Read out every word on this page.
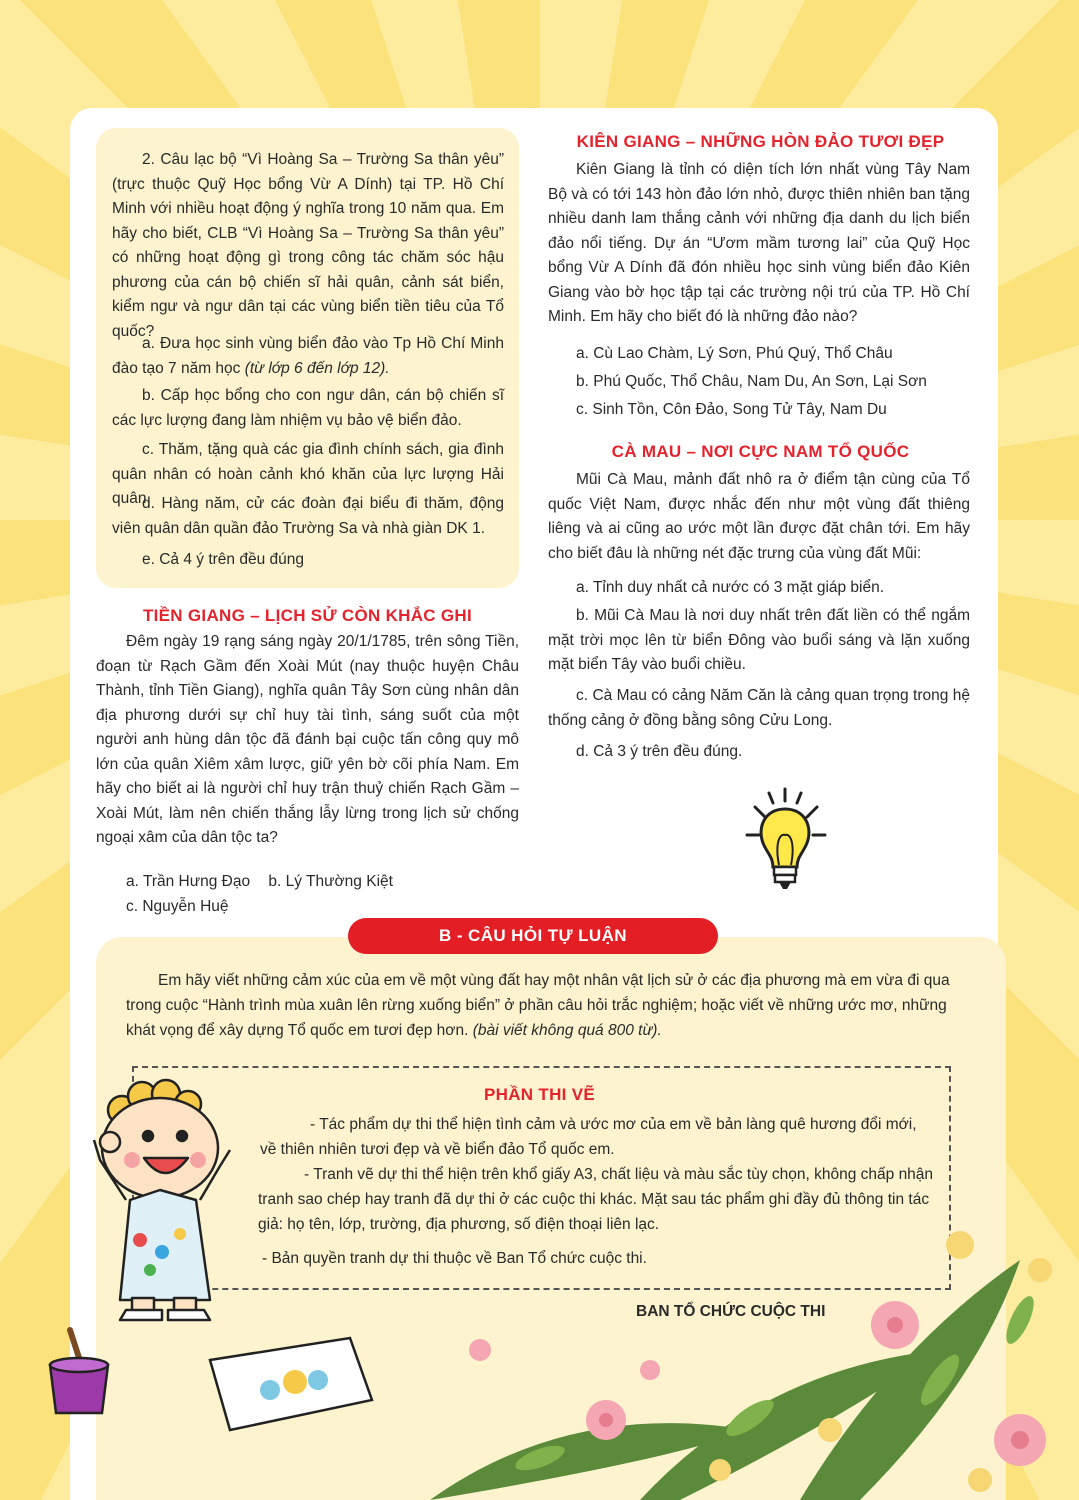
2. Câu lạc bộ “Vì Hoàng Sa – Trường Sa thân yêu” (trực thuộc Quỹ Học bổng Vừ A Dính) tại TP. Hồ Chí Minh với nhiều hoạt động ý nghĩa trong 10 năm qua. Em hãy cho biết, CLB “Vì Hoàng Sa – Trường Sa thân yêu” có những hoạt động gì trong công tác chăm sóc hậu phương của cán bộ chiến sĩ hải quân, cảnh sát biển, kiểm ngư và ngư dân tại các vùng biển tiền tiêu của Tổ quốc?
a. Đưa học sinh vùng biển đảo vào Tp Hồ Chí Minh đào tạo 7 năm học (từ lớp 6 đến lớp 12).
b. Cấp học bổng cho con ngư dân, cán bộ chiến sĩ các lực lượng đang làm nhiệm vụ bảo vệ biển đảo.
c. Thăm, tặng quà các gia đình chính sách, gia đình quân nhân có hoàn cảnh khó khăn của lực lượng Hải quân.
d. Hàng năm, cử các đoàn đại biểu đi thăm, động viên quân dân quần đảo Trường Sa và nhà giàn DK 1.
e. Cả 4 ý trên đều đúng
TIỀN GIANG – LỊCH SỬ CÒN KHẮC GHI
Đêm ngày 19 rạng sáng ngày 20/1/1785, trên sông Tiền, đoạn từ Rạch Gầm đến Xoài Mút (nay thuộc huyện Châu Thành, tỉnh Tiền Giang), nghĩa quân Tây Sơn cùng nhân dân địa phương dưới sự chỉ huy tài tình, sáng suốt của một người anh hùng dân tộc đã đánh bại cuộc tấn công quy mô lớn của quân Xiêm xâm lược, giữ yên bờ cõi phía Nam. Em hãy cho biết ai là người chỉ huy trận thuỷ chiến Rạch Gầm – Xoài Mút, làm nên chiến thắng lẫy lừng trong lịch sử chống ngoại xâm của dân tộc ta?
a. Trần Hưng Đạo b. Lý Thường Kiệt c. Nguyễn Huệ
KIÊN GIANG – NHỮNG HÒN ĐẢO TƯƠI ĐẸP
Kiên Giang là tỉnh có diện tích lớn nhất vùng Tây Nam Bộ và có tới 143 hòn đảo lớn nhỏ, được thiên nhiên ban tặng nhiều danh lam thắng cảnh với những địa danh du lịch biển đảo nổi tiếng. Dự án “Ươm mầm tương lai” của Quỹ Học bổng Vừ A Dính đã đón nhiều học sinh vùng biển đảo Kiên Giang vào bờ học tập tại các trường nội trú của TP. Hồ Chí Minh. Em hãy cho biết đó là những đảo nào?
a. Cù Lao Chàm, Lý Sơn, Phú Quý, Thổ Châu
b. Phú Quốc, Thổ Châu, Nam Du, An Sơn, Lại Sơn
c. Sinh Tồn, Côn Đảo, Song Tử Tây, Nam Du
CÀ MAU – NƠI CỰC NAM TỔ QUỐC
Mũi Cà Mau, mảnh đất nhô ra ở điểm tận cùng của Tổ quốc Việt Nam, được nhắc đến như một vùng đất thiêng liêng và ai cũng ao ước một lần được đặt chân tới. Em hãy cho biết đâu là những nét đặc trưng của vùng đất Mũi:
a. Tỉnh duy nhất cả nước có 3 mặt giáp biển.
b. Mũi Cà Mau là nơi duy nhất trên đất liền có thể ngắm mặt trời mọc lên từ biển Đông vào buổi sáng và lặn xuống mặt biển Tây vào buổi chiều.
c. Cà Mau có cảng Năm Căn là cảng quan trọng trong hệ thống cảng ở đồng bằng sông Cửu Long.
d. Cả 3 ý trên đều đúng.
B - CÂU HỎI TỰ LUẬN
Em hãy viết những cảm xúc của em về một vùng đất hay một nhân vật lịch sử ở các địa phương mà em vừa đi qua trong cuộc “Hành trình mùa xuân lên rừng xuống biển” ở phần câu hỏi trắc nghiệm; hoặc viết về những ước mơ, những khát vọng để xây dựng Tổ quốc em tươi đẹp hơn. (bài viết không quá 800 từ).
PHẦN THI VẼ
- Tác phẩm dự thi thể hiện tình cảm và ước mơ của em về bản làng quê hương đổi mới, về thiên nhiên tươi đẹp và về biển đảo Tổ quốc em.
- Tranh vẽ dự thi thể hiện trên khổ giấy A3, chất liệu và màu sắc tùy chọn, không chấp nhận tranh sao chép hay tranh đã dự thi ở các cuộc thi khác. Mặt sau tác phẩm ghi đầy đủ thông tin tác giả: họ tên, lớp, trường, địa phương, số điện thoại liên lạc.
- Bản quyền tranh dự thi thuộc về Ban Tổ chức cuộc thi.
BAN TỔ CHỨC CUỘC THI
